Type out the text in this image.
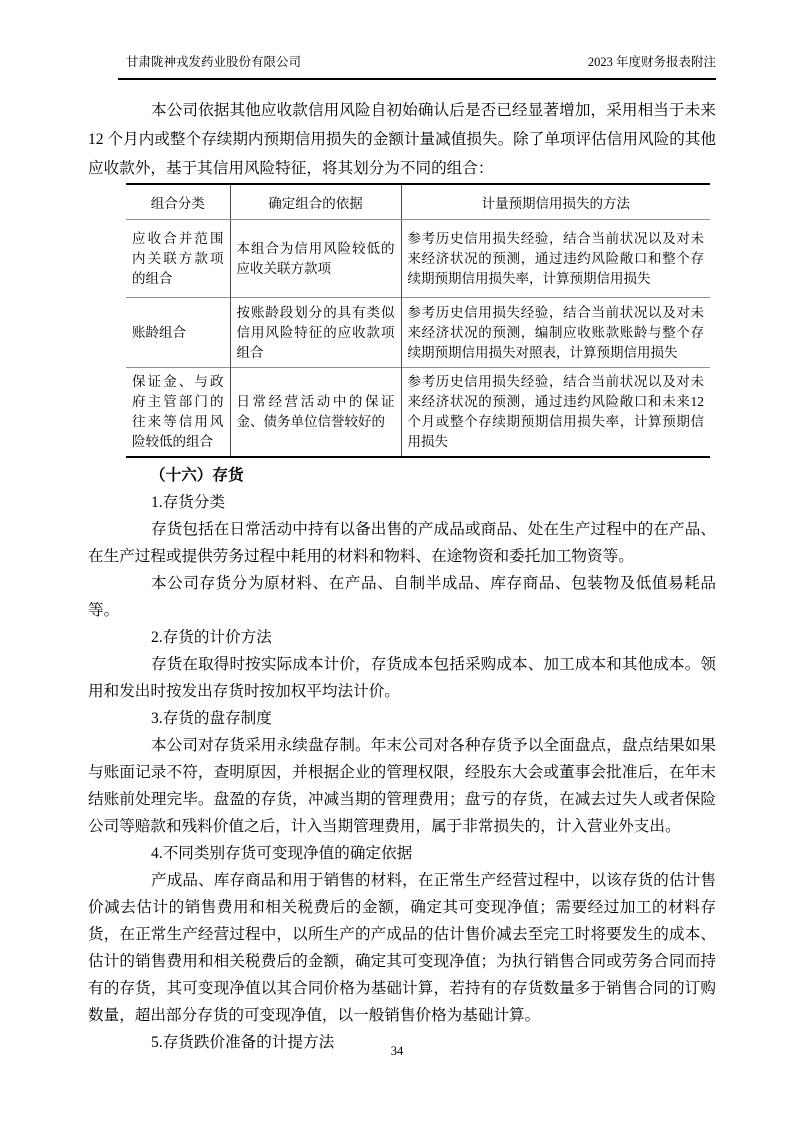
甘肃陇神戎发药业股份有限公司	2023 年度财务报表附注

本公司依据其他应收款信用风险自初始确认后是否已经显著增加，采用相当于未来 12 个月内或整个存续期内预期信用损失的金额计量减值损失。除了单项评估信用风险的其他应收款外，基于其信用风险特征，将其划分为不同的组合：

组合分类	确定组合的依据	计量预期信用损失的方法
应收合并范围内关联方款项的组合	本组合为信用风险较低的应收关联方款项	参考历史信用损失经验，结合当前状况以及对未来经济状况的预测，通过违约风险敞口和整个存续期预期信用损失率，计算预期信用损失
账龄组合	按账龄段划分的具有类似信用风险特征的应收款项组合	参考历史信用损失经验，结合当前状况以及对未来经济状况的预测，编制应收账款账龄与整个存续期预期信用损失对照表，计算预期信用损失
保证金、与政府主管部门的往来等信用风险较低的组合	日常经营活动中的保证金、债务单位信誉较好的	参考历史信用损失经验，结合当前状况以及对未来经济状况的预测，通过违约风险敞口和未来12个月或整个存续期预期信用损失率，计算预期信用损失
（十六）存货

1.存货分类

存货包括在日常活动中持有以备出售的产成品或商品、处在生产过程中的在产品、在生产过程或提供劳务过程中耗用的材料和物料、在途物资和委托加工物资等。

本公司存货分为原材料、在产品、自制半成品、库存商品、包装物及低值易耗品等。

2.存货的计价方法

存货在取得时按实际成本计价，存货成本包括采购成本、加工成本和其他成本。领用和发出时按发出存货时按加权平均法计价。

3.存货的盘存制度

本公司对存货采用永续盘存制。年末公司对各种存货予以全面盘点，盘点结果如果与账面记录不符，查明原因，并根据企业的管理权限，经股东大会或董事会批准后，在年末结账前处理完毕。盘盈的存货，冲减当期的管理费用；盘亏的存货，在减去过失人或者保险公司等赔款和残料价值之后，计入当期管理费用，属于非常损失的，计入营业外支出。

4.不同类别存货可变现净值的确定依据

产成品、库存商品和用于销售的材料，在正常生产经营过程中，以该存货的估计售价减去估计的销售费用和相关税费后的金额，确定其可变现净值；需要经过加工的材料存货，在正常生产经营过程中，以所生产的产成品的估计售价减去至完工时将要发生的成本、估计的销售费用和相关税费后的金额，确定其可变现净值；为执行销售合同或劳务合同而持有的存货，其可变现净值以其合同价格为基础计算，若持有的存货数量多于销售合同的订购数量，超出部分存货的可变现净值，以一般销售价格为基础计算。

5.存货跌价准备的计提方法	34
